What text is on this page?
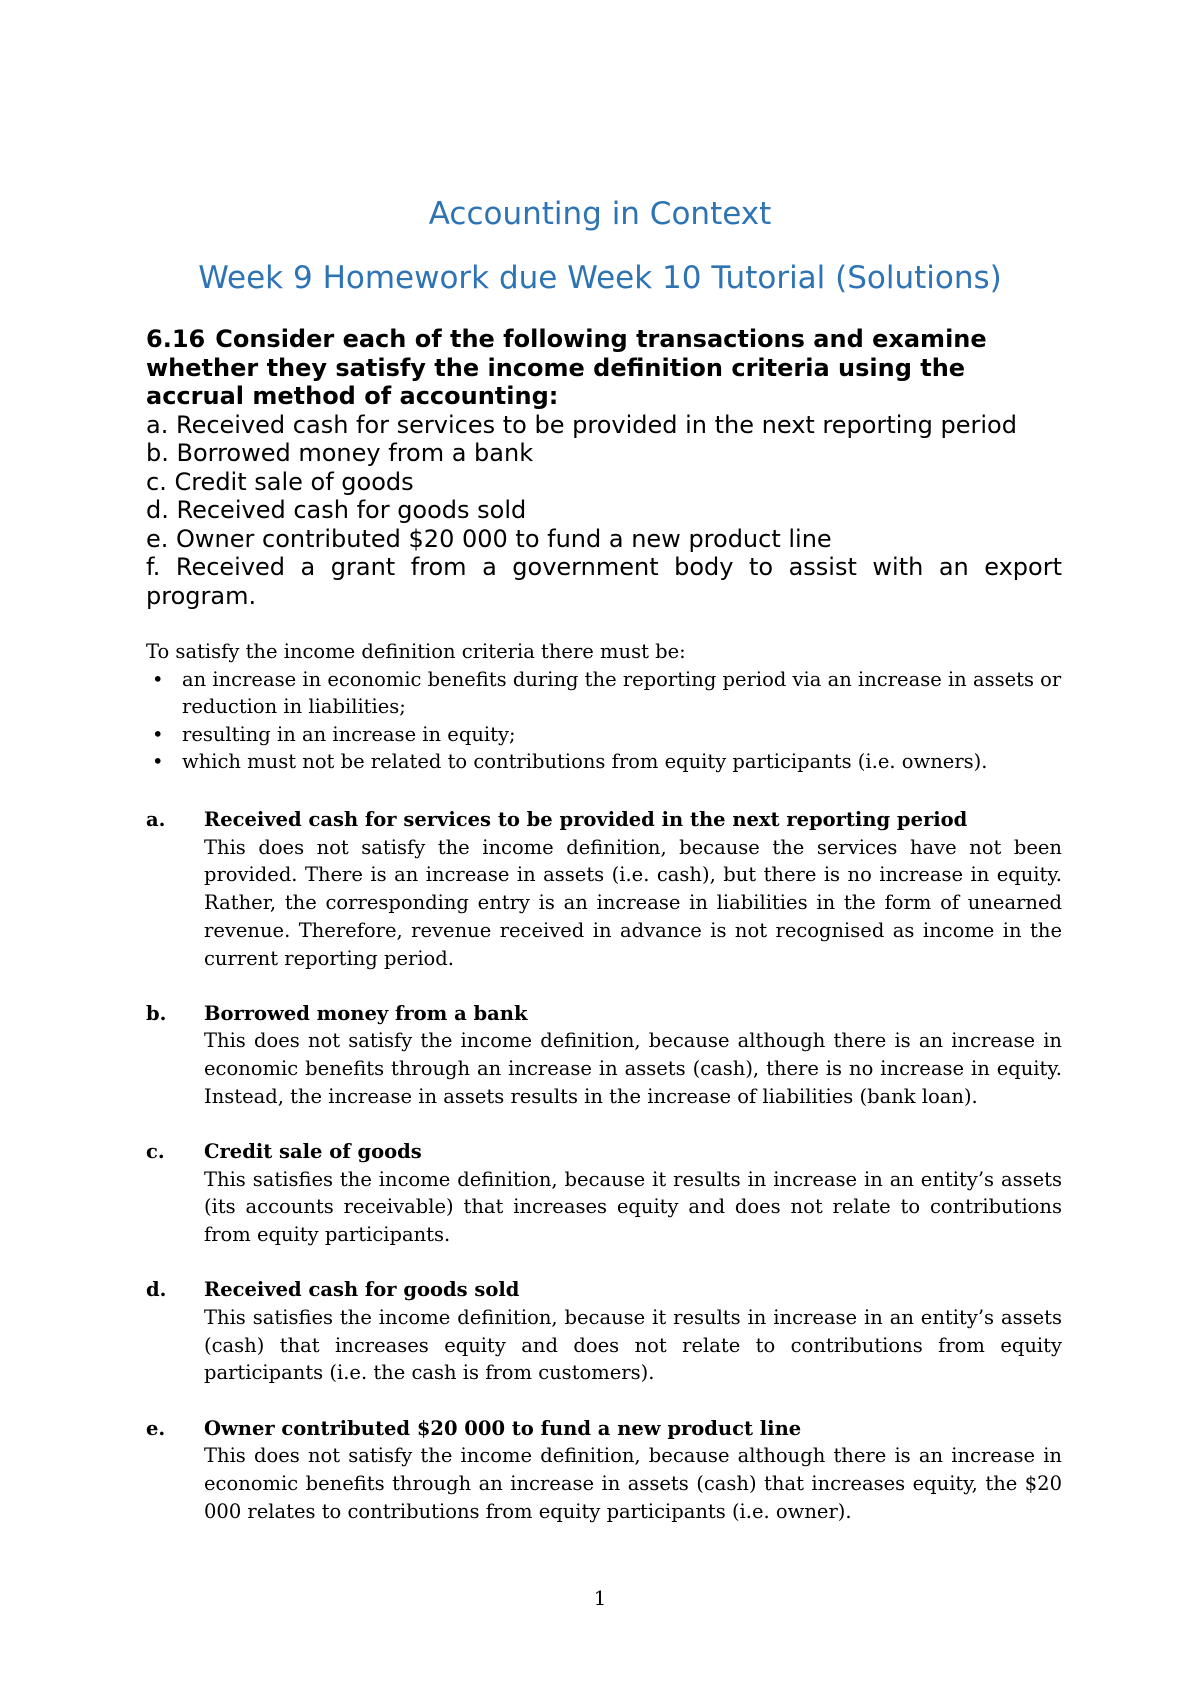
Accounting in Context
Week 9 Homework due Week 10 Tutorial (Solutions)
6.16 Consider each of the following transactions and examine whether they satisfy the income definition criteria using the accrual method of accounting:
a. Received cash for services to be provided in the next reporting period
b. Borrowed money from a bank
c. Credit sale of goods
d. Received cash for goods sold
e. Owner contributed $20 000 to fund a new product line
f. Received a grant from a government body to assist with an export
program.
To satisfy the income definition criteria there must be:
• an increase in economic benefits during the reporting period via an increase in assets or reduction in liabilities;
• resulting in an increase in equity;
• which must not be related to contributions from equity participants (i.e. owners).
a. Received cash for services to be provided in the next reporting period
This does not satisfy the income definition, because the services have not been provided. There is an increase in assets (i.e. cash), but there is no increase in equity. Rather, the corresponding entry is an increase in liabilities in the form of unearned revenue. Therefore, revenue received in advance is not recognised as income in the current reporting period.
b. Borrowed money from a bank
This does not satisfy the income definition, because although there is an increase in economic benefits through an increase in assets (cash), there is no increase in equity. Instead, the increase in assets results in the increase of liabilities (bank loan).
c. Credit sale of goods
This satisfies the income definition, because it results in increase in an entity’s assets (its accounts receivable) that increases equity and does not relate to contributions from equity participants.
d. Received cash for goods sold
This satisfies the income definition, because it results in increase in an entity’s assets (cash) that increases equity and does not relate to contributions from equity participants (i.e. the cash is from customers).
e. Owner contributed $20 000 to fund a new product line
This does not satisfy the income definition, because although there is an increase in economic benefits through an increase in assets (cash) that increases equity, the $20 000 relates to contributions from equity participants (i.e. owner).
1
